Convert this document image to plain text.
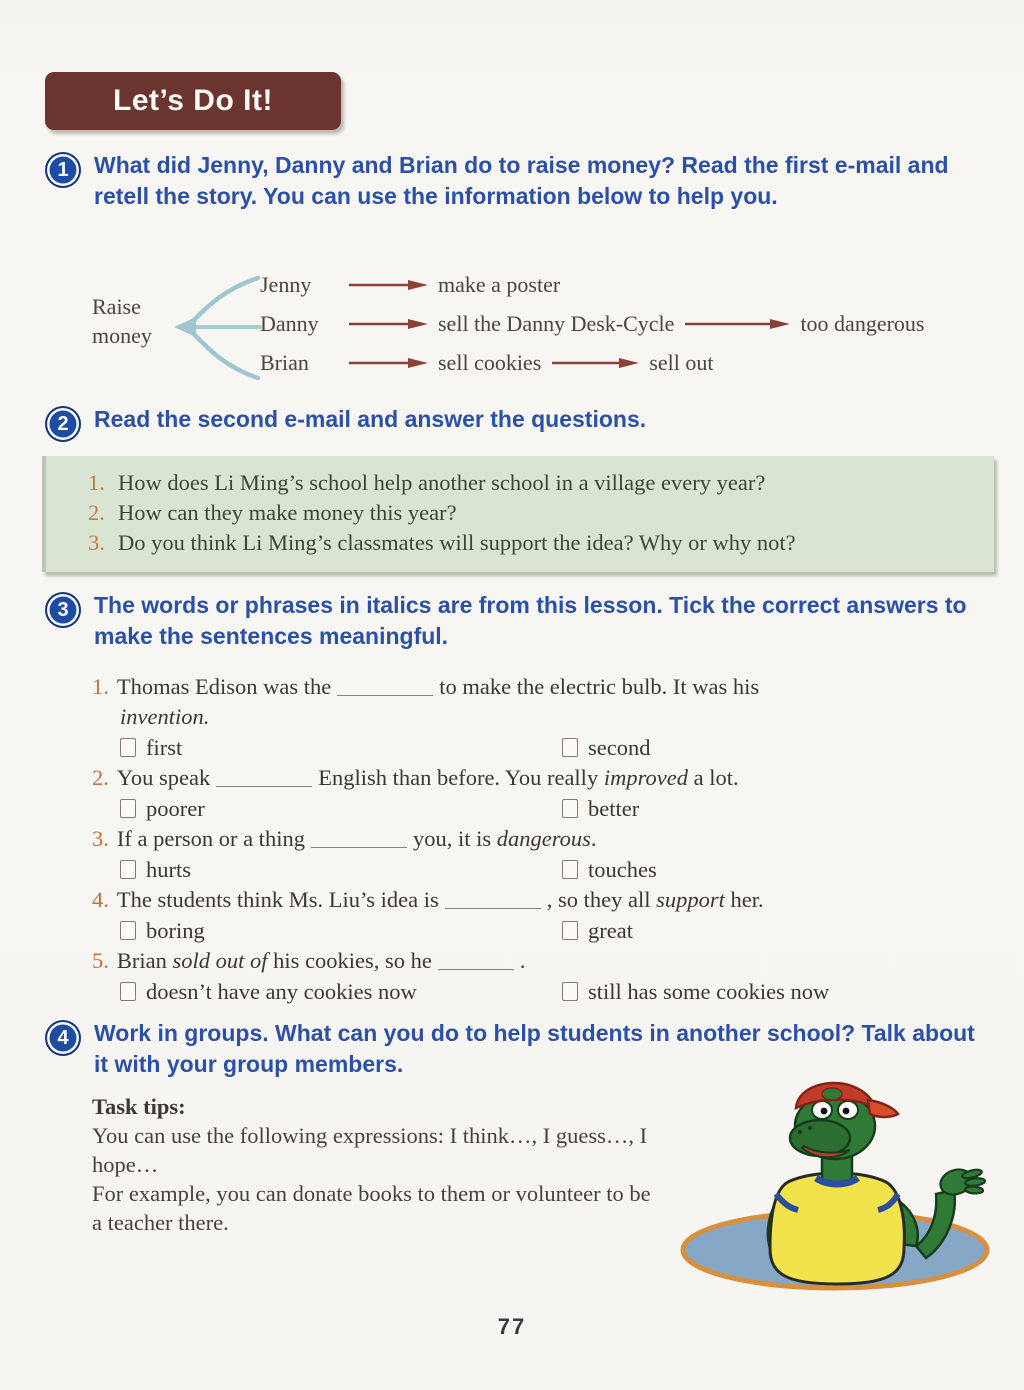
Let’s Do It!
1	What did Jenny, Danny and Brian do to raise money? Read the first e-mail and retell the story. You can use the information below to help you.
Raise money
Jenny	make a poster
Danny	sell the Danny Desk-Cycle	too dangerous
Brian	sell cookies	sell out
2	Read the second e-mail and answer the questions.
1. How does Li Ming’s school help another school in a village every year?
2. How can they make money this year?
3. Do you think Li Ming’s classmates will support the idea? Why or why not?
3	The words or phrases in italics are from this lesson. Tick the correct answers to make the sentences meaningful.
1. Thomas Edison was the	to make the electric bulb. It was his
invention.
first	second
2. You speak	English than before. You really improved a lot.
poorer	better
3. If a person or a thing	you, it is dangerous.
hurts	touches
4. The students think Ms. Liu’s idea is	, so they all support her.
boring	great
5. Brian sold out of his cookies, so he	.
doesn’t have any cookies now	still has some cookies now
4	Work in groups. What can you do to help students in another school? Talk about it with your group members.
Task tips:
You can use the following expressions: I think…, I guess…, I hope…
For example, you can donate books to them or volunteer to be a teacher there.
77
